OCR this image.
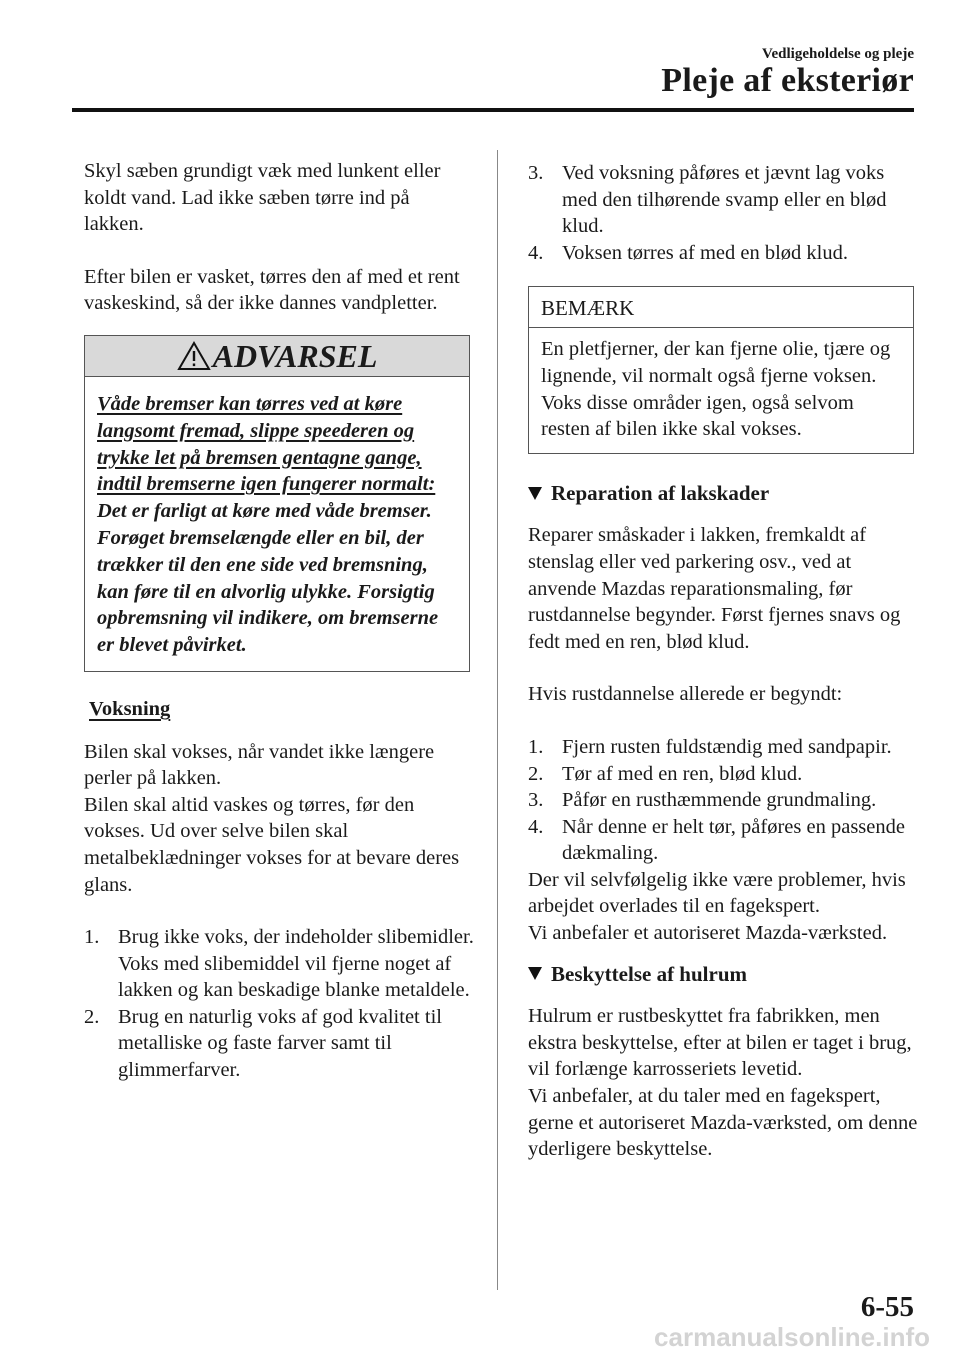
Vedligeholdelse og pleje
Pleje af eksteriør

Skyl sæben grundigt væk med lunkent eller koldt vand. Lad ikke sæben tørre ind på lakken.

Efter bilen er vasket, tørres den af med et rent vaskeskind, så der ikke dannes vandpletter.

ADVARSEL

Våde bremser kan tørres ved at køre langsomt fremad, slippe speederen og trykke let på bremsen gentagne gange, indtil bremserne igen fungerer normalt:

Det er farligt at køre med våde bremser. Forøget bremselængde eller en bil, der trækker til den ene side ved bremsning, kan føre til en alvorlig ulykke. Forsigtig opbremsning vil indikere, om bremserne er blevet påvirket.

Voksning

Bilen skal vokses, når vandet ikke længere perler på lakken.

Bilen skal altid vaskes og tørres, før den vokses. Ud over selve bilen skal metalbeklædninger vokses for at bevare deres glans.

1. Brug ikke voks, der indeholder slibemidler.
Voks med slibemiddel vil fjerne noget af lakken og kan beskadige blanke metaldele.
2. Brug en naturlig voks af god kvalitet til metalliske og faste farver samt til glimmerfarver.
3. Ved voksning påføres et jævnt lag voks med den tilhørende svamp eller en blød klud.
4. Voksen tørres af med en blød klud.
BEMÆRK
En pletfjerner, der kan fjerne olie, tjære og lignende, vil normalt også fjerne voksen. Voks disse områder igen, også selvom resten af bilen ikke skal vokses.
Reparation af lakskader

Reparer småskader i lakken, fremkaldt af stenslag eller ved parkering osv., ved at anvende Mazdas reparationsmaling, før rustdannelse begynder. Først fjernes snavs og fedt med en ren, blød klud.

Hvis rustdannelse allerede er begyndt:

1. Fjern rusten fuldstændig med sandpapir.
2. Tør af med en ren, blød klud.
3. Påfør en rusthæmmende grundmaling.
4. Når denne er helt tør, påføres en passende dækmaling.

Der vil selvfølgelig ikke være problemer, hvis arbejdet overlades til en fagekspert.

Vi anbefaler et autoriseret Mazda-værksted.

Beskyttelse af hulrum

Hulrum er rustbeskyttet fra fabrikken, men ekstra beskyttelse, efter at bilen er taget i brug, vil forlænge karrosseriets levetid.

Vi anbefaler, at du taler med en fagekspert, gerne et autoriseret Mazda-værksted, om denne yderligere beskyttelse.

6-55
carmanualsonline.info
